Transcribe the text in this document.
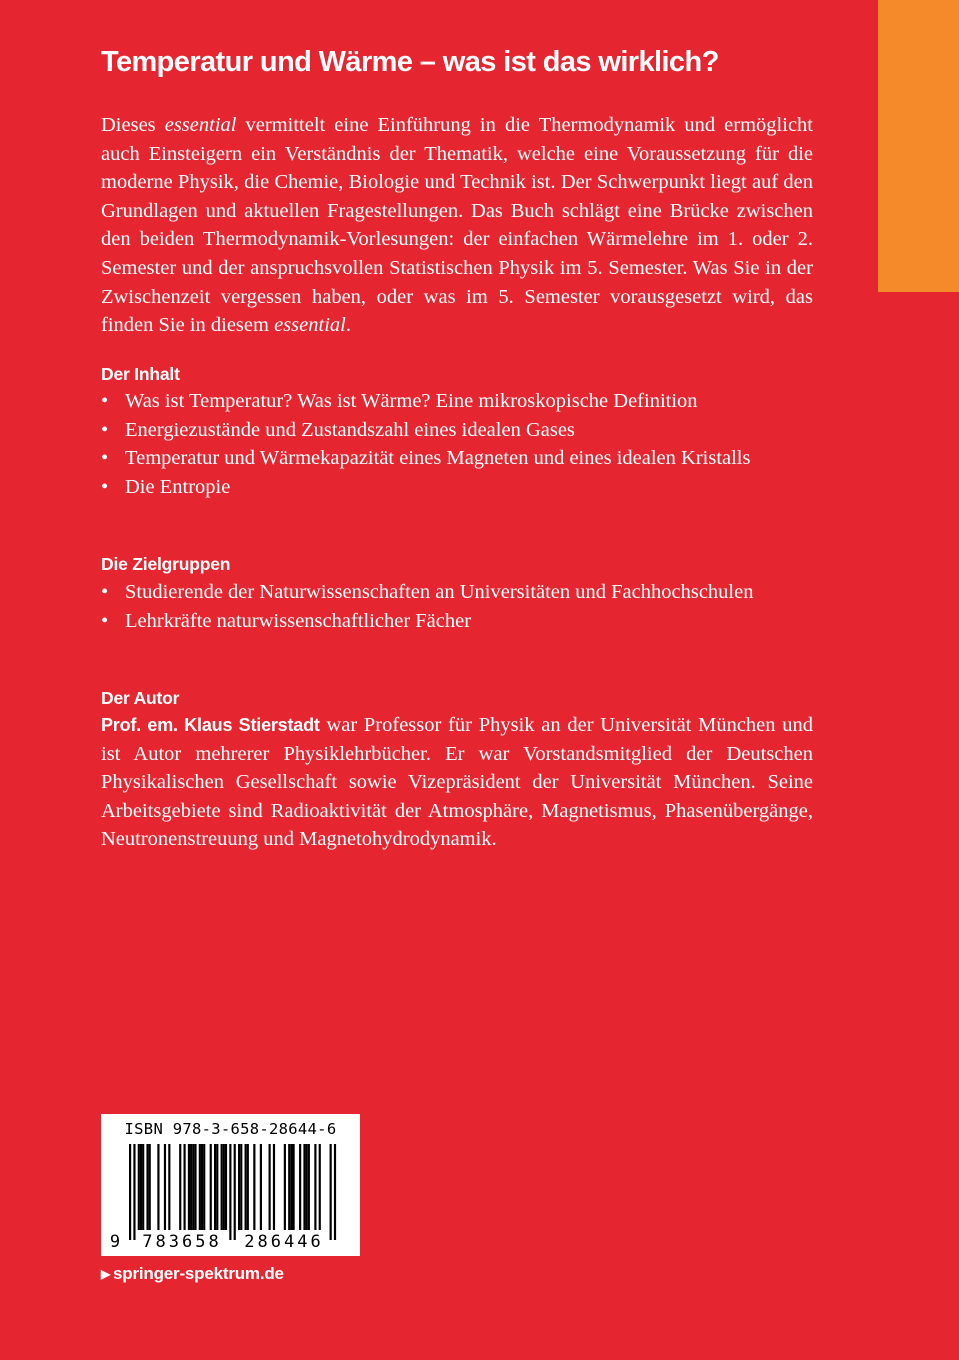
Temperatur und Wärme – was ist das wirklich?

Dieses essential vermittelt eine Einführung in die Thermodynamik und ermöglicht auch Einsteigern ein Verständnis der Thematik, welche eine Voraussetzung für die moderne Physik, die Chemie, Biologie und Technik ist. Der Schwerpunkt liegt auf den Grundlagen und aktuellen Fragestellungen. Das Buch schlägt eine Brücke zwischen den beiden Thermodynamik-Vorlesungen: der einfachen Wärmelehre im 1. oder 2. Semester und der anspruchsvollen Statistischen Physik im 5. Semester. Was Sie in der Zwischenzeit vergessen haben, oder was im 5. Semester vorausgesetzt wird, das finden Sie in diesem essential.

Der Inhalt
• Was ist Temperatur? Was ist Wärme? Eine mikroskopische Definition
• Energiezustände und Zustandszahl eines idealen Gases
• Temperatur und Wärmekapazität eines Magneten und eines idealen Kristalls
• Die Entropie
Die Zielgruppen
• Studierende der Naturwissenschaften an Universitäten und Fachhochschulen
• Lehrkräfte naturwissenschaftlicher Fächer
Der Autor

Prof. em. Klaus Stierstadt war Professor für Physik an der Universität München und ist Autor mehrerer Physiklehrbücher. Er war Vorstandsmitglied der Deutschen Physikalischen Gesellschaft sowie Vizepräsident der Universität München. Seine Arbeitsgebiete sind Radioaktivität der Atmosphäre, Magnetismus, Phasenübergänge, Neutronenstreuung und Magnetohydrodynamik.

ISBN 978-3-658-28644-6
9 783658 286446

▶ springer-spektrum.de
